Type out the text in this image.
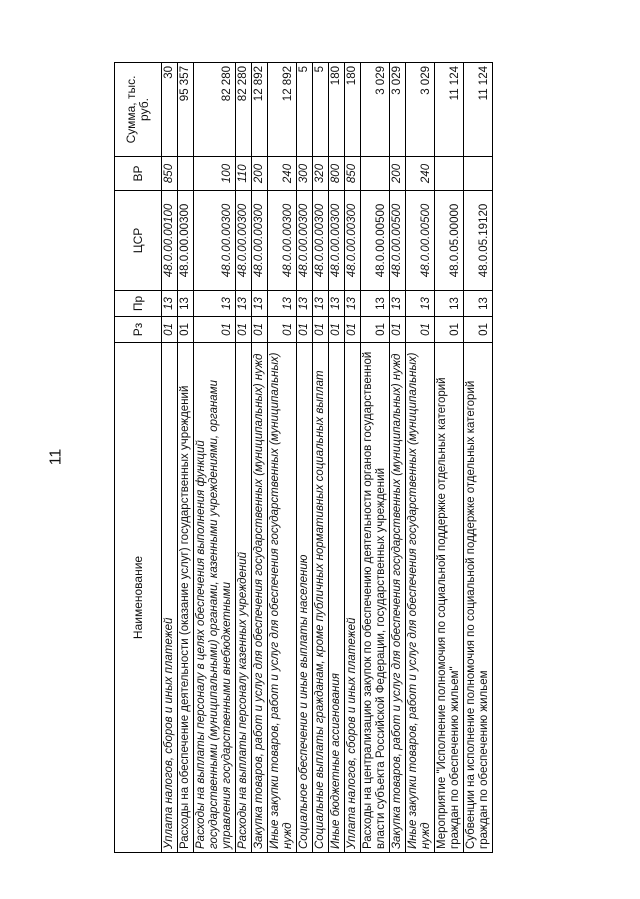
11
Наименование	Рз	Пр	ЦСР	ВР	Сумма, тыс. руб.
Уплата налогов, сборов и иных платежей	01	13	48.0.00.00100	850	30
Расходы на обеспечение деятельности (оказание услуг) государственных учреждений	01	13	48.0.00.00300		95 357
Расходы на выплаты персоналу в целях обеспечения выполнения функций государственными (муниципальными) органами, казенными учреждениями, органами управления государственными внебюджетными	01	13	48.0.00.00300	100	82 280
Расходы на выплаты персоналу казенных учреждений	01	13	48.0.00.00300	110	82 280
Закупка товаров, работ и услуг для обеспечения государственных (муниципальных) нужд	01	13	48.0.00.00300	200	12 892
Иные закупки товаров, работ и услуг для обеспечения государственных (муниципальных) нужд	01	13	48.0.00.00300	240	12 892
Социальное обеспечение и иные выплаты населению	01	13	48.0.00.00300	300	5
Социальные выплаты гражданам, кроме публичных нормативных социальных выплат	01	13	48.0.00.00300	320	5
Иные бюджетные ассигнования	01	13	48.0.00.00300	800	180
Уплата налогов, сборов и иных платежей	01	13	48.0.00.00300	850	180
Расходы на централизацию закупок по обеспечению деятельности органов государственной власти субъекта Российской Федерации, государственных учреждений	01	13	48.0.00.00500		3 029
Закупка товаров, работ и услуг для обеспечения государственных (муниципальных) нужд	01	13	48.0.00.00500	200	3 029
Иные закупки товаров, работ и услуг для обеспечения государственных (муниципальных) нужд	01	13	48.0.00.00500	240	3 029
Мероприятие "Исполнение полномочия по социальной поддержке отдельных категорий граждан по обеспечению жильем"	01	13	48.0.05.00000		11 124
Субвенции на исполнение полномочия по социальной поддержке отдельных категорий граждан по обеспечению жильем	01	13	48.0.05.19120		11 124
